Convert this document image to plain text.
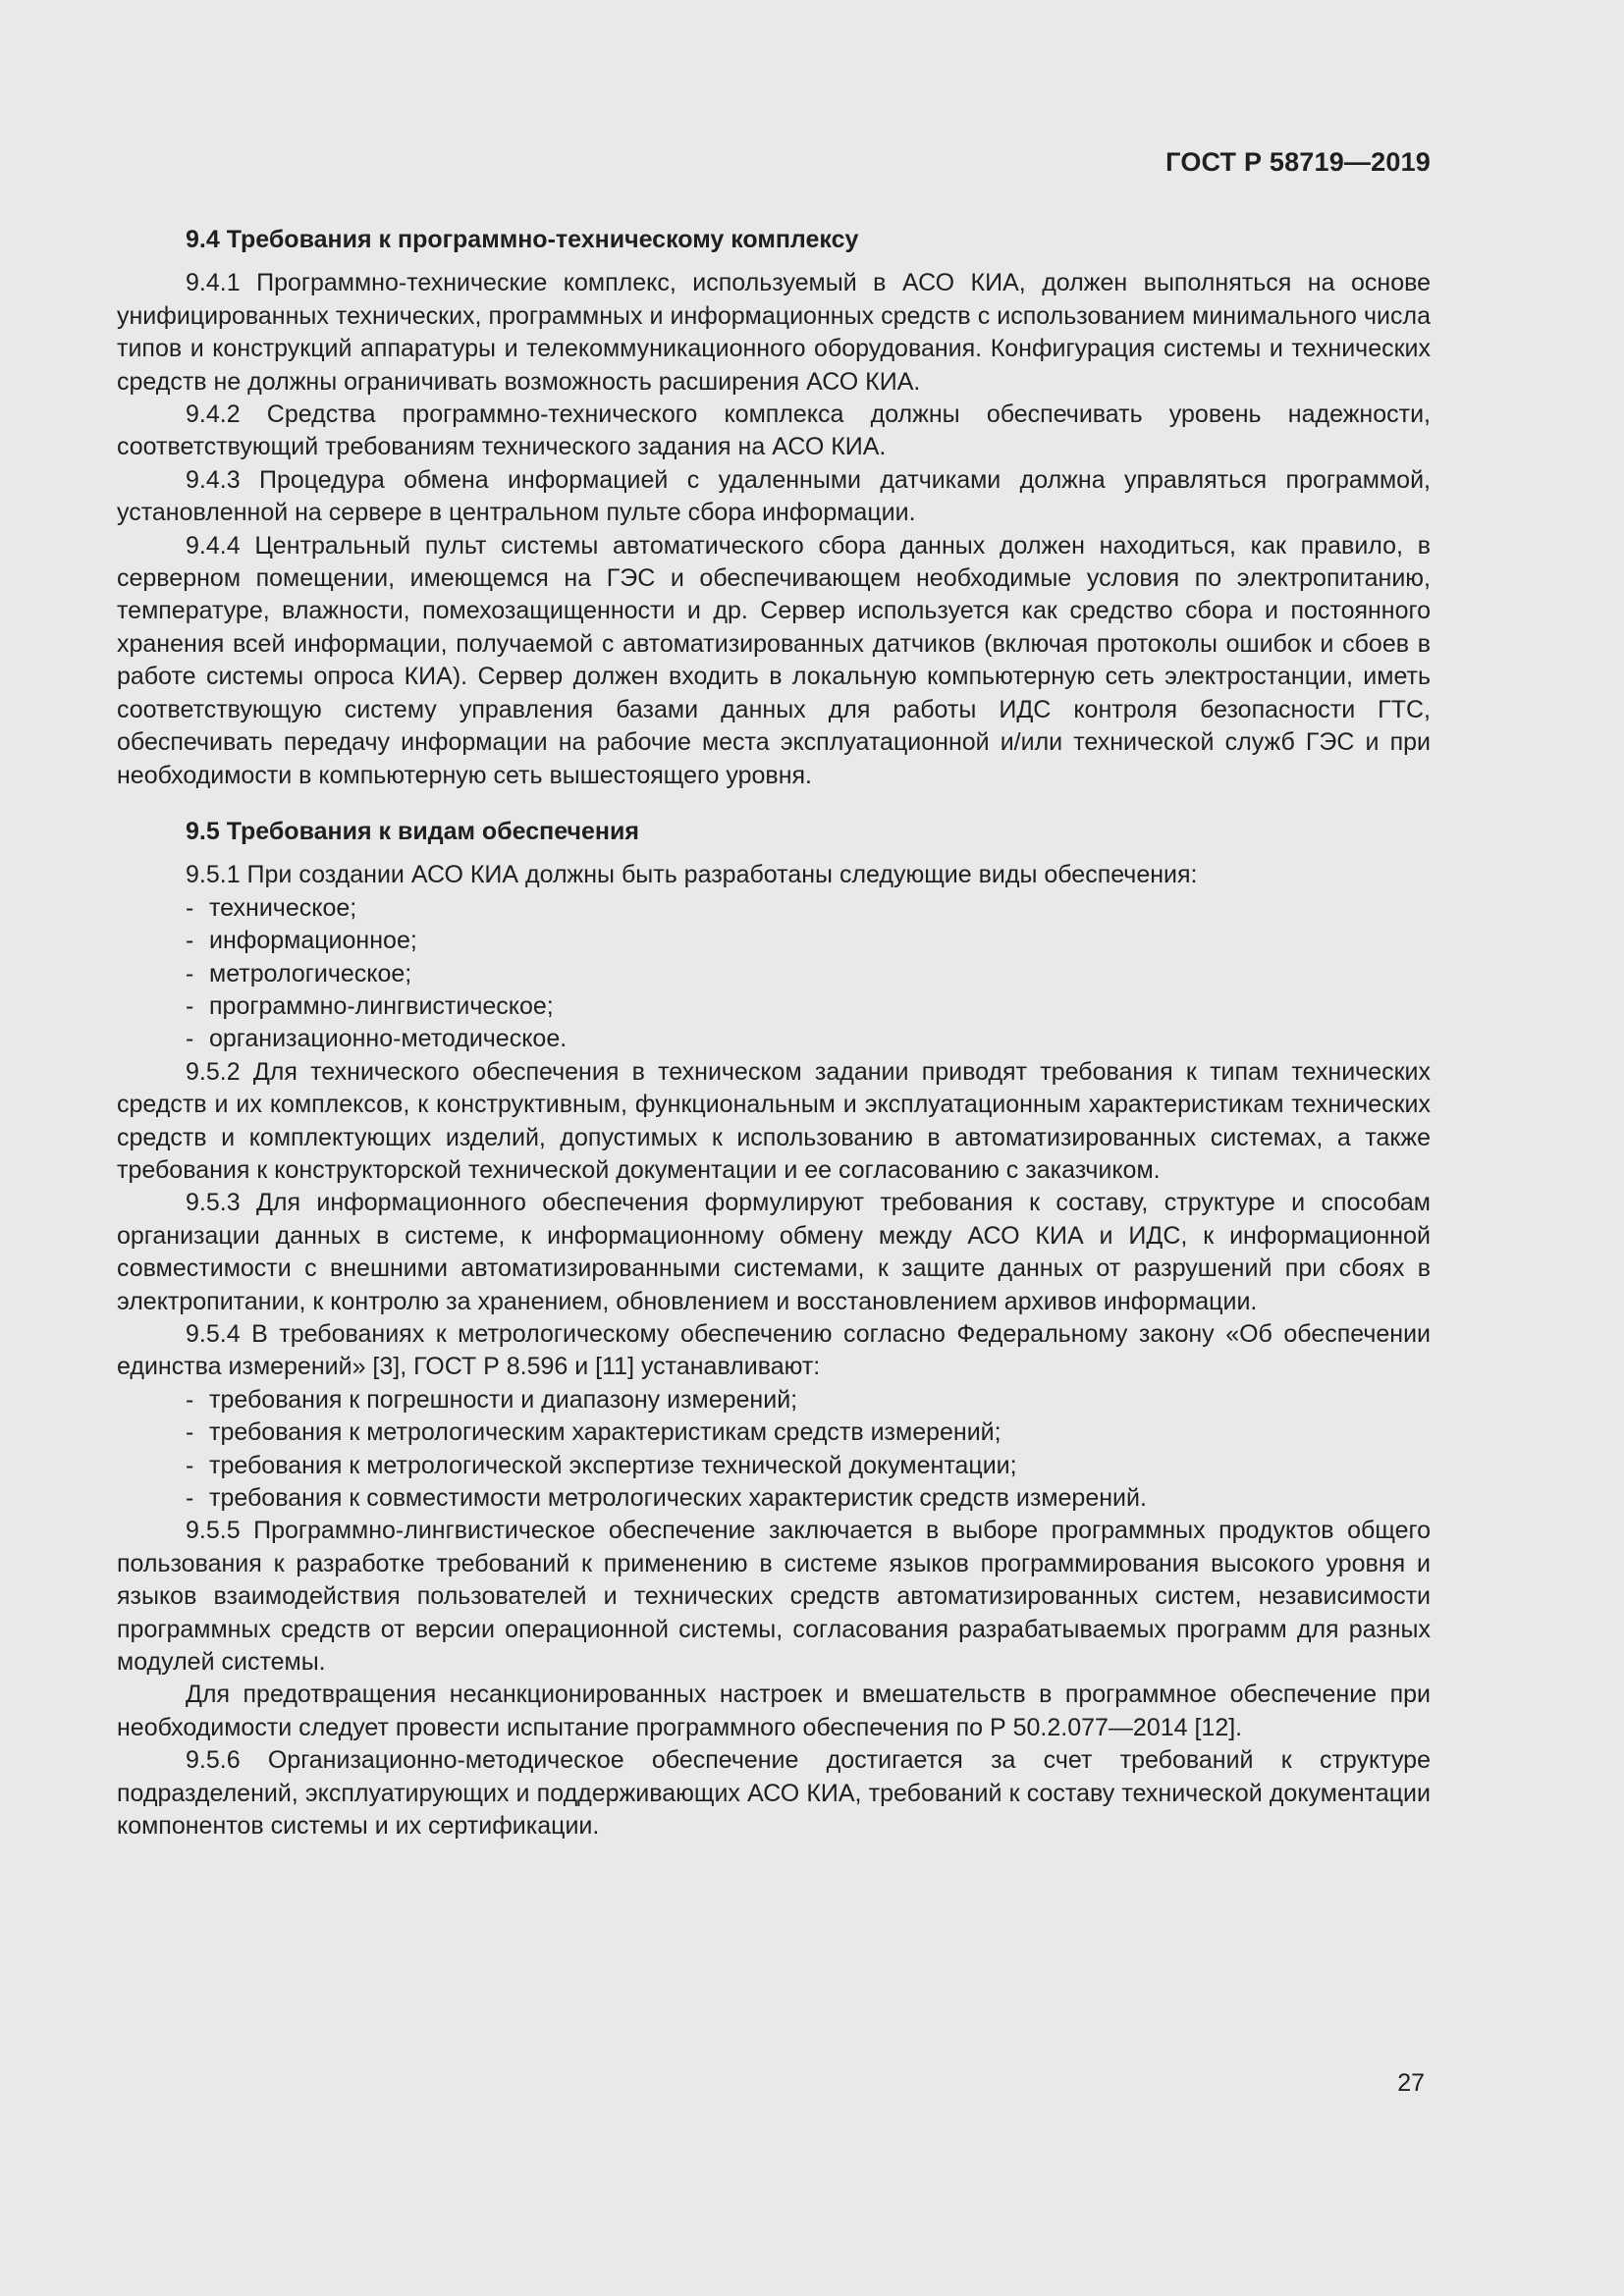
ГОСТ Р 58719—2019
9.4 Требования к программно-техническому комплексу

9.4.1 Программно-технические комплекс, используемый в АСО КИА, должен выполняться на основе унифицированных технических, программных и информационных средств с использованием минимального числа типов и конструкций аппаратуры и телекоммуникационного оборудования. Конфигурация системы и технических средств не должны ограничивать возможность расширения АСО КИА.

9.4.2 Средства программно-технического комплекса должны обеспечивать уровень надежности, соответствующий требованиям технического задания на АСО КИА.

9.4.3 Процедура обмена информацией с удаленными датчиками должна управляться программой, установленной на сервере в центральном пульте сбора информации.

9.4.4 Центральный пульт системы автоматического сбора данных должен находиться, как правило, в серверном помещении, имеющемся на ГЭС и обеспечивающем необходимые условия по электропитанию, температуре, влажности, помехозащищенности и др. Сервер используется как средство сбора и постоянного хранения всей информации, получаемой с автоматизированных датчиков (включая протоколы ошибок и сбоев в работе системы опроса КИА). Сервер должен входить в локальную компьютерную сеть электростанции, иметь соответствующую систему управления базами данных для работы ИДС контроля безопасности ГТС, обеспечивать передачу информации на рабочие места эксплуатационной и/или технической служб ГЭС и при необходимости в компьютерную сеть вышестоящего уровня.

9.5 Требования к видам обеспечения

9.5.1 При создании АСО КИА должны быть разработаны следующие виды обеспечения:

- техническое;
- информационное;
- метрологическое;
- программно-лингвистическое;
- организационно-методическое.

9.5.2 Для технического обеспечения в техническом задании приводят требования к типам технических средств и их комплексов, к конструктивным, функциональным и эксплуатационным характеристикам технических средств и комплектующих изделий, допустимых к использованию в автоматизированных системах, а также требования к конструкторской технической документации и ее согласованию с заказчиком.

9.5.3 Для информационного обеспечения формулируют требования к составу, структуре и способам организации данных в системе, к информационному обмену между АСО КИА и ИДС, к информационной совместимости с внешними автоматизированными системами, к защите данных от разрушений при сбоях в электропитании, к контролю за хранением, обновлением и восстановлением архивов информации.

9.5.4 В требованиях к метрологическому обеспечению согласно Федеральному закону «Об обеспечении единства измерений» [3], ГОСТ Р 8.596 и [11] устанавливают:

- требования к погрешности и диапазону измерений;
- требования к метрологическим характеристикам средств измерений;
- требования к метрологической экспертизе технической документации;
- требования к совместимости метрологических характеристик средств измерений.

9.5.5 Программно-лингвистическое обеспечение заключается в выборе программных продуктов общего пользования к разработке требований к применению в системе языков программирования высокого уровня и языков взаимодействия пользователей и технических средств автоматизированных систем, независимости программных средств от версии операционной системы, согласования разрабатываемых программ для разных модулей системы.

Для предотвращения несанкционированных настроек и вмешательств в программное обеспечение при необходимости следует провести испытание программного обеспечения по Р 50.2.077—2014 [12].

9.5.6 Организационно-методическое обеспечение достигается за счет требований к структуре подразделений, эксплуатирующих и поддерживающих АСО КИА, требований к составу технической документации компонентов системы и их сертификации.

27
